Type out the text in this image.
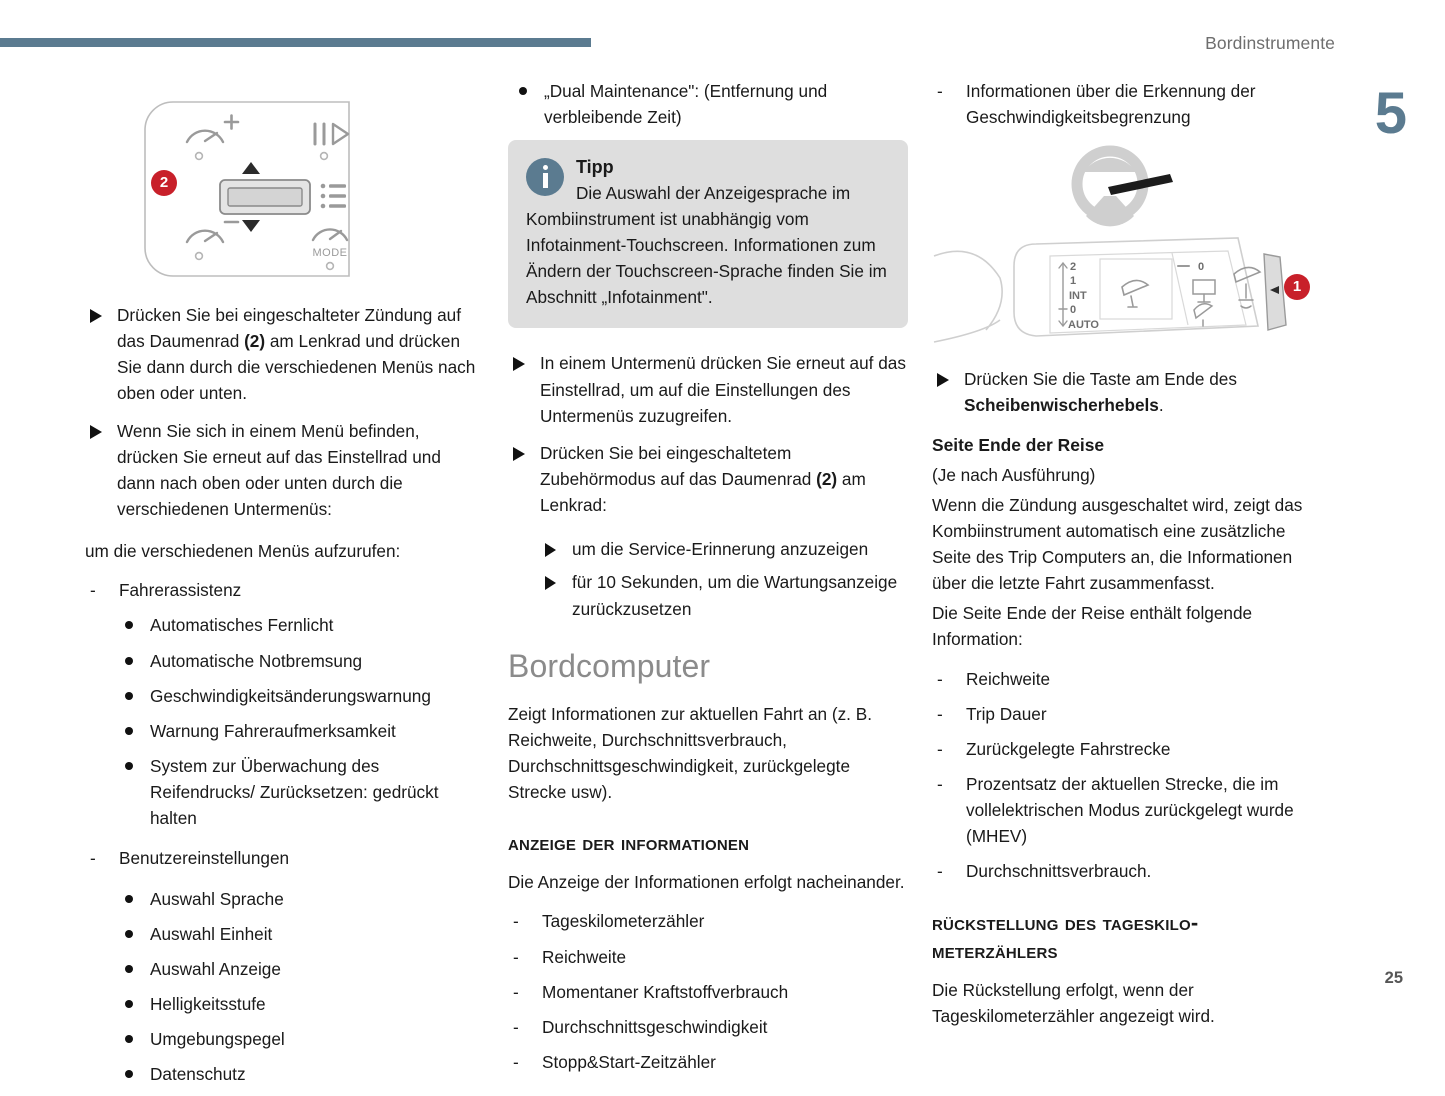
Bordinstrumente
5
25
MODE
2
Drücken Sie bei eingeschalteter Zündung auf das Daumenrad (2) am Lenkrad und drücken Sie dann durch die verschiedenen Menüs nach oben oder unten.
Wenn Sie sich in einem Menü befinden, drücken Sie erneut auf das Einstellrad und dann nach oben oder unten durch die verschiedenen Untermenüs:
um die verschiedenen Menüs aufzurufen:
- Fahrerassistenz
Automatisches Fernlicht
Automatische Notbremsung
Geschwindigkeitsänderungswarnung
Warnung Fahreraufmerksamkeit
System zur Überwachung des Reifendrucks/ Zurücksetzen: gedrückt halten
- Benutzereinstellungen
Auswahl Sprache
Auswahl Einheit
Auswahl Anzeige
Helligkeitsstufe
Umgebungspegel
Datenschutz
„Dual Maintenance": (Entfernung und verbleibende Zeit)
Tipp
Die Auswahl der Anzeigesprache im Kombiinstrument ist unabhängig vom Infotainment-Touchscreen. Informationen zum Ändern der Touchscreen-Sprache finden Sie im Abschnitt „Infotainment".
In einem Untermenü drücken Sie erneut auf das Einstellrad, um auf die Einstellungen des Untermenüs zuzugreifen.
Drücken Sie bei eingeschaltetem Zubehörmodus auf das Daumenrad (2) am Lenkrad:
um die Service-Erinnerung anzuzeigen
für 10 Sekunden, um die Wartungsanzeige zurückzusetzen
Bordcomputer
Zeigt Informationen zur aktuellen Fahrt an (z. B. Reichweite, Durchschnittsverbrauch, Durchschnittsgeschwindigkeit, zurückgelegte Strecke usw).
anzeige der informationen
Die Anzeige der Informationen erfolgt nacheinander.
- Tageskilometerzähler
- Reichweite
- Momentaner Kraftstoffverbrauch
- Durchschnittsgeschwindigkeit
- Stopp&Start-Zeitzähler
- Informationen über die Erkennung der Geschwindigkeitsbegrenzung
2
1
INT
0
AUTO
0
1
Drücken Sie die Taste am Ende des Scheibenwischerhebels.
Seite Ende der Reise
(Je nach Ausführung)
Wenn die Zündung ausgeschaltet wird, zeigt das Kombiinstrument automatisch eine zusätzliche Seite des Trip Computers an, die Informationen über die letzte Fahrt zusammenfasst.
Die Seite Ende der Reise enthält folgende Information:
- Reichweite
- Trip Dauer
- Zurückgelegte Fahrstrecke
- Prozentsatz der aktuellen Strecke, die im vollelektrischen Modus zurückgelegt wurde (MHEV)
- Durchschnittsverbrauch.
rückstellung des tageskilo-
meterzählers
Die Rückstellung erfolgt, wenn der Tageskilometerzähler angezeigt wird.
